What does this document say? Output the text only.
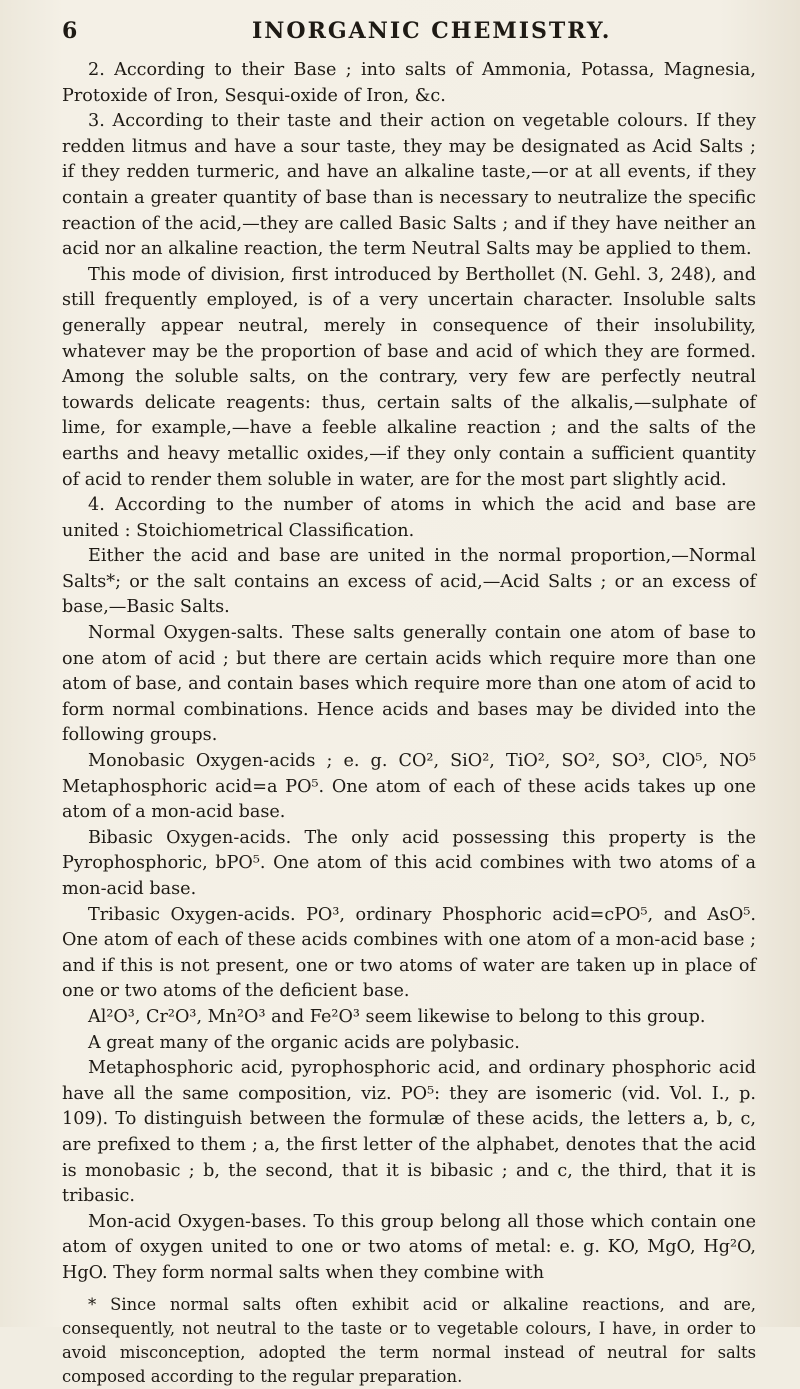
6	INORGANIC CHEMISTRY.

2. According to their Base ; into salts of Ammonia, Potassa, Magnesia, Protoxide of Iron, Sesqui-oxide of Iron, &c.

3. According to their taste and their action on vegetable colours. If they redden litmus and have a sour taste, they may be designated as Acid Salts ; if they redden turmeric, and have an alkaline taste,—or at all events, if they contain a greater quantity of base than is necessary to neutralize the specific reaction of the acid,—they are called Basic Salts ; and if they have neither an acid nor an alkaline reaction, the term Neutral Salts may be applied to them.

This mode of division, first introduced by Berthollet (N. Gehl. 3, 248), and still frequently employed, is of a very uncertain character. Insoluble salts generally appear neutral, merely in consequence of their insolubility, whatever may be the proportion of base and acid of which they are formed. Among the soluble salts, on the contrary, very few are perfectly neutral towards delicate reagents: thus, certain salts of the alkalis,—sulphate of lime, for example,—have a feeble alkaline reaction ; and the salts of the earths and heavy metallic oxides,—if they only contain a sufficient quantity of acid to render them soluble in water, are for the most part slightly acid.

4. According to the number of atoms in which the acid and base are united : Stoichiometrical Classification.

Either the acid and base are united in the normal proportion,—Normal Salts*; or the salt contains an excess of acid,—Acid Salts ; or an excess of base,—Basic Salts.

Normal Oxygen-salts. These salts generally contain one atom of base to one atom of acid ; but there are certain acids which require more than one atom of base, and contain bases which require more than one atom of acid to form normal combinations. Hence acids and bases may be divided into the following groups.

Monobasic Oxygen-acids ; e. g. CO², SiO², TiO², SO², SO³, ClO⁵, NO⁵ Metaphosphoric acid=a PO⁵. One atom of each of these acids takes up one atom of a mon-acid base.

Bibasic Oxygen-acids. The only acid possessing this property is the Pyrophosphoric, bPO⁵. One atom of this acid combines with two atoms of a mon-acid base.

Tribasic Oxygen-acids. PO³, ordinary Phosphoric acid=cPO⁵, and AsO⁵. One atom of each of these acids combines with one atom of a mon-acid base ; and if this is not present, one or two atoms of water are taken up in place of one or two atoms of the deficient base.

Al²O³, Cr²O³, Mn²O³ and Fe²O³ seem likewise to belong to this group.

A great many of the organic acids are polybasic.

Metaphosphoric acid, pyrophosphoric acid, and ordinary phosphoric acid have all the same composition, viz. PO⁵: they are isomeric (vid. Vol. I., p. 109). To distinguish between the formulæ of these acids, the letters a, b, c, are prefixed to them ; a, the first letter of the alphabet, denotes that the acid is monobasic ; b, the second, that it is bibasic ; and c, the third, that it is tribasic.

Mon-acid Oxygen-bases. To this group belong all those which contain one atom of oxygen united to one or two atoms of metal: e. g. KO, MgO, Hg²O, HgO. They form normal salts when they combine with

* Since normal salts often exhibit acid or alkaline reactions, and are, consequently, not neutral to the taste or to vegetable colours, I have, in order to avoid misconception, adopted the term normal instead of neutral for salts composed according to the regular preparation.
